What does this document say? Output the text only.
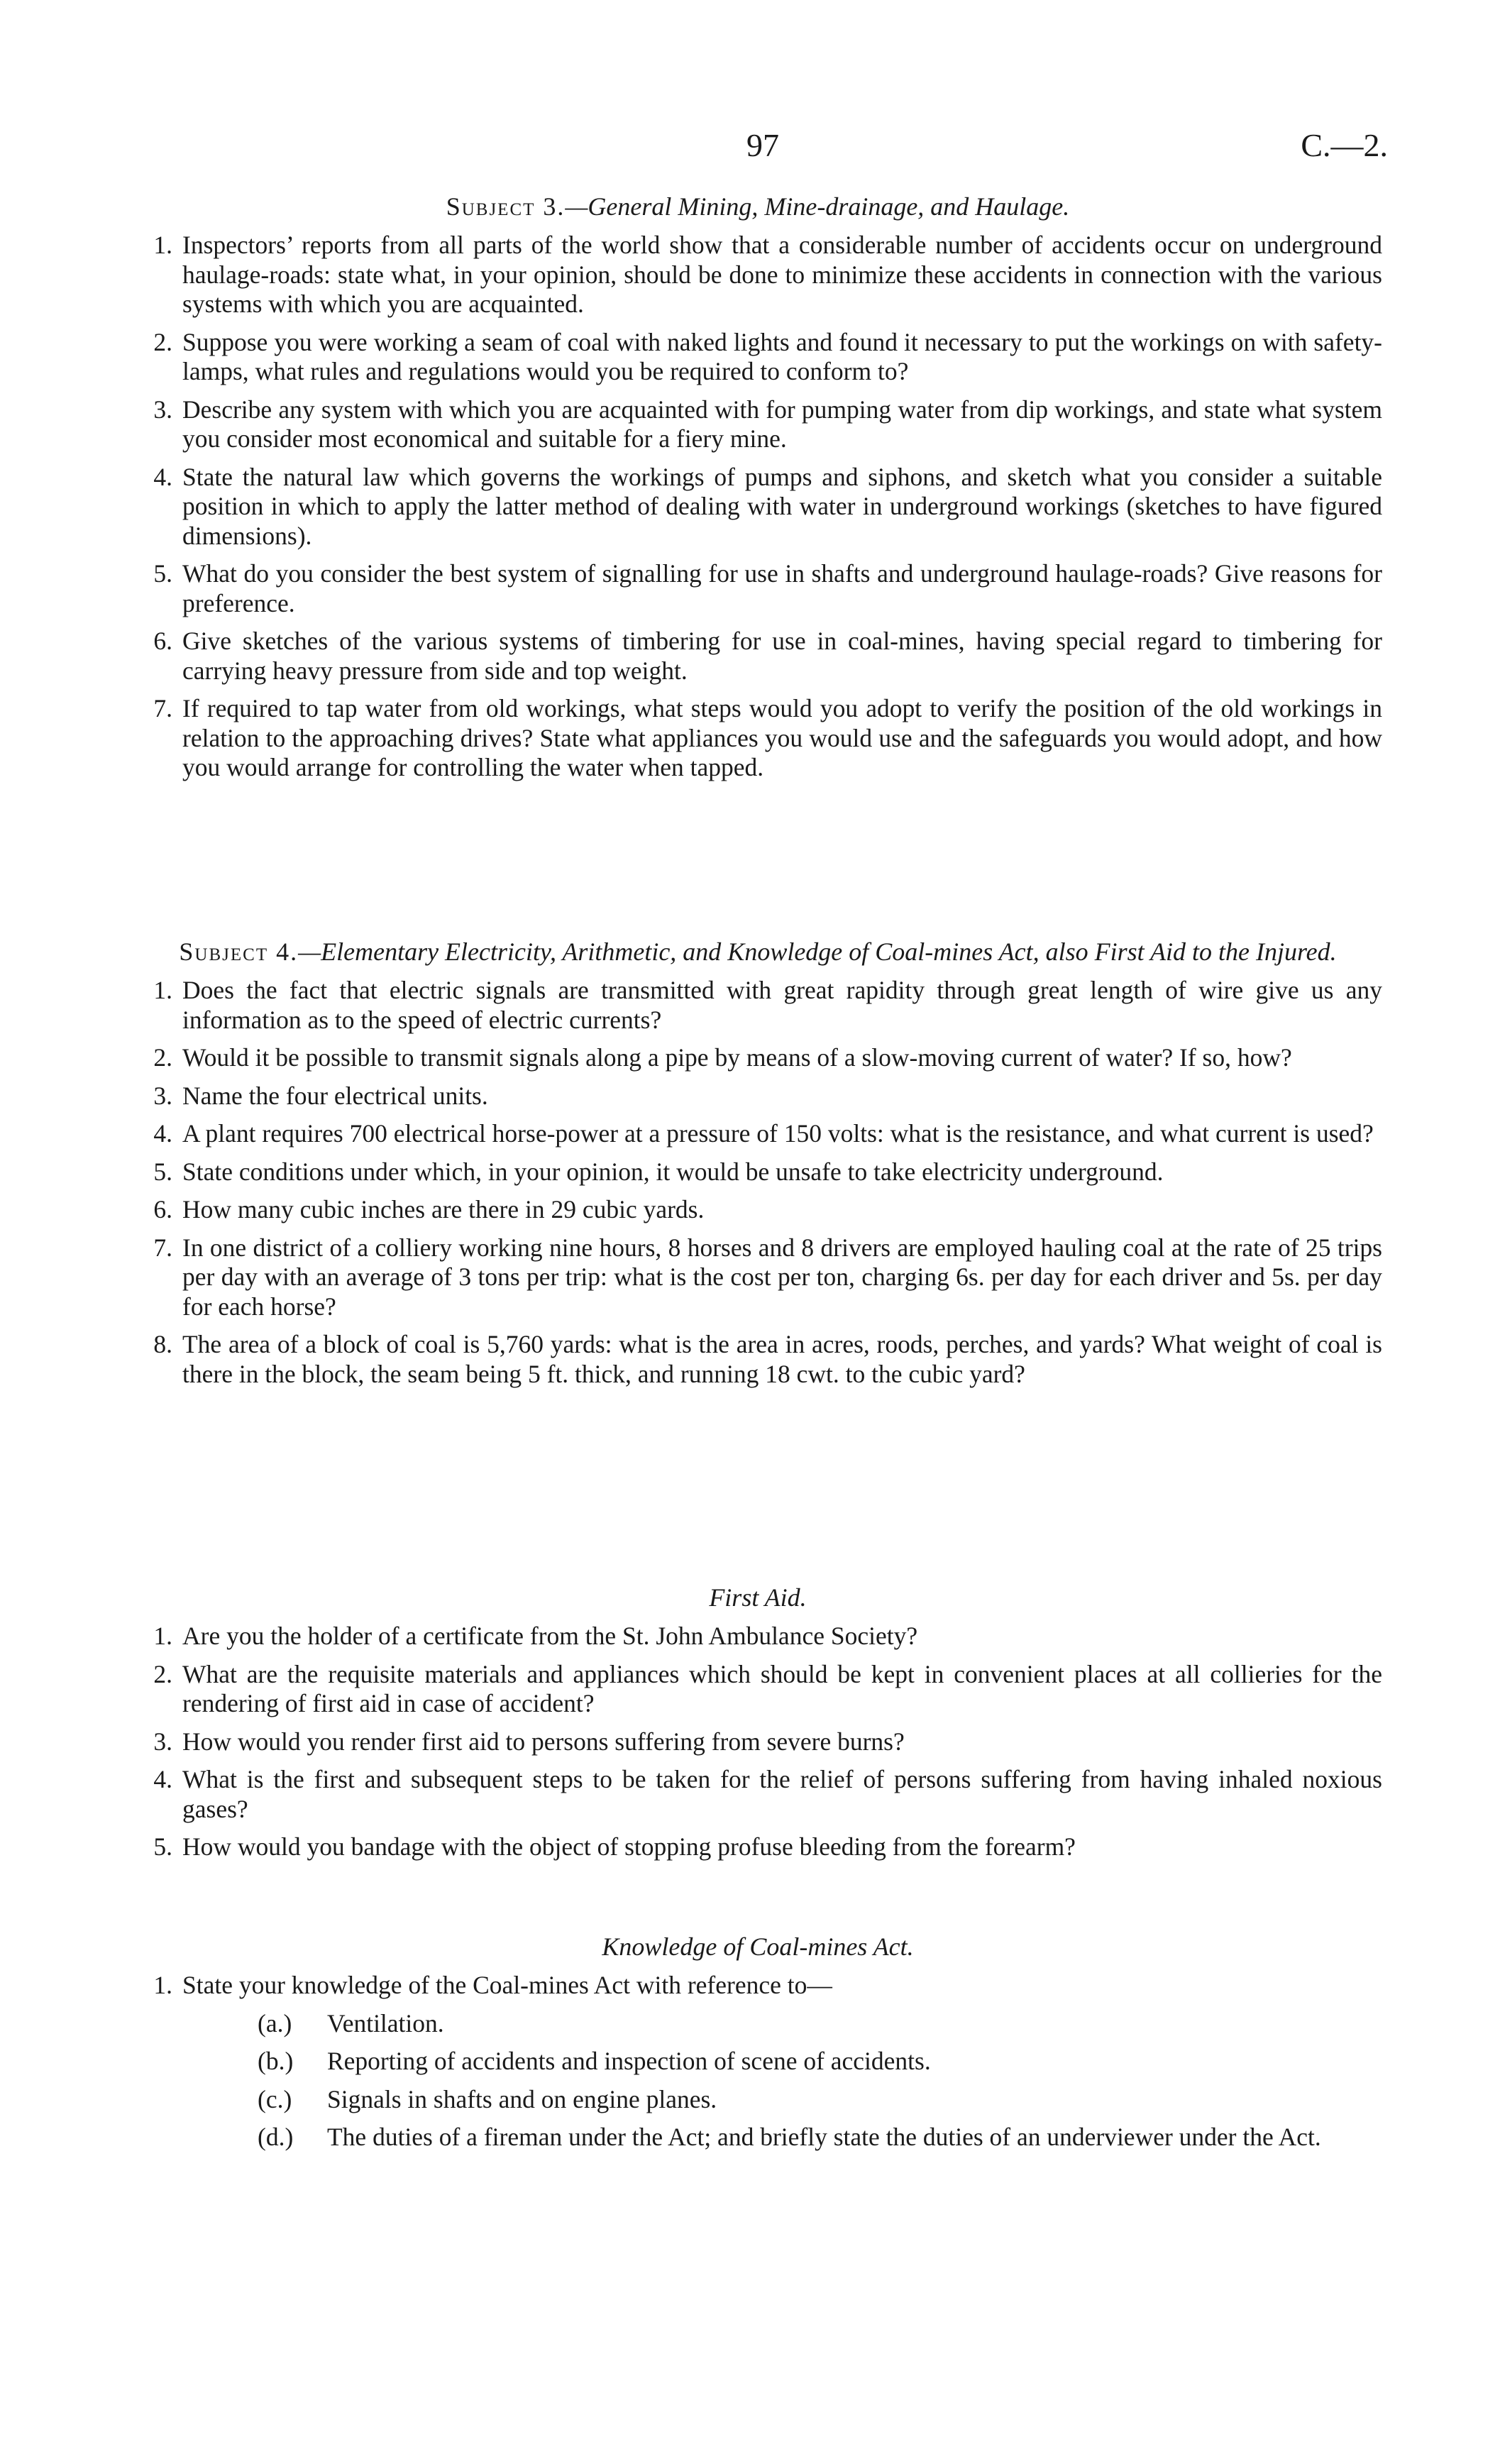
97	C.—2.
Subject 3.—General Mining, Mine-drainage, and Haulage.
1. Inspectors’ reports from all parts of the world show that a considerable number of accidents occur on underground haulage-roads: state what, in your opinion, should be done to minimize these accidents in connection with the various systems with which you are acquainted.
2. Suppose you were working a seam of coal with naked lights and found it necessary to put the workings on with safety-lamps, what rules and regulations would you be required to conform to?
3. Describe any system with which you are acquainted with for pumping water from dip workings, and state what system you consider most economical and suitable for a fiery mine.
4. State the natural law which governs the workings of pumps and siphons, and sketch what you consider a suitable position in which to apply the latter method of dealing with water in underground workings (sketches to have figured dimensions).
5. What do you consider the best system of signalling for use in shafts and underground haulage-roads? Give reasons for preference.
6. Give sketches of the various systems of timbering for use in coal-mines, having special regard to timbering for carrying heavy pressure from side and top weight.
7. If required to tap water from old workings, what steps would you adopt to verify the position of the old workings in relation to the approaching drives? State what appliances you would use and the safeguards you would adopt, and how you would arrange for controlling the water when tapped.
Subject 4.—Elementary Electricity, Arithmetic, and Knowledge of Coal-mines Act, also First Aid to the Injured.
1. Does the fact that electric signals are transmitted with great rapidity through great length of wire give us any information as to the speed of electric currents?
2. Would it be possible to transmit signals along a pipe by means of a slow-moving current of water? If so, how?
3. Name the four electrical units.
4. A plant requires 700 electrical horse-power at a pressure of 150 volts: what is the resistance, and what current is used?
5. State conditions under which, in your opinion, it would be unsafe to take electricity underground.
6. How many cubic inches are there in 29 cubic yards.
7. In one district of a colliery working nine hours, 8 horses and 8 drivers are employed hauling coal at the rate of 25 trips per day with an average of 3 tons per trip: what is the cost per ton, charging 6s. per day for each driver and 5s. per day for each horse?
8. The area of a block of coal is 5,760 yards: what is the area in acres, roods, perches, and yards? What weight of coal is there in the block, the seam being 5 ft. thick, and running 18 cwt. to the cubic yard?
First Aid.
1. Are you the holder of a certificate from the St. John Ambulance Society?
2. What are the requisite materials and appliances which should be kept in convenient places at all collieries for the rendering of first aid in case of accident?
3. How would you render first aid to persons suffering from severe burns?
4. What is the first and subsequent steps to be taken for the relief of persons suffering from having inhaled noxious gases?
5. How would you bandage with the object of stopping profuse bleeding from the forearm?
Knowledge of Coal-mines Act.
1. State your knowledge of the Coal-mines Act with reference to—
(a.)	Ventilation.
(b.)	Reporting of accidents and inspection of scene of accidents.
(c.)	Signals in shafts and on engine planes.
(d.)	The duties of a fireman under the Act; and briefly state the duties of an underviewer under the Act.
